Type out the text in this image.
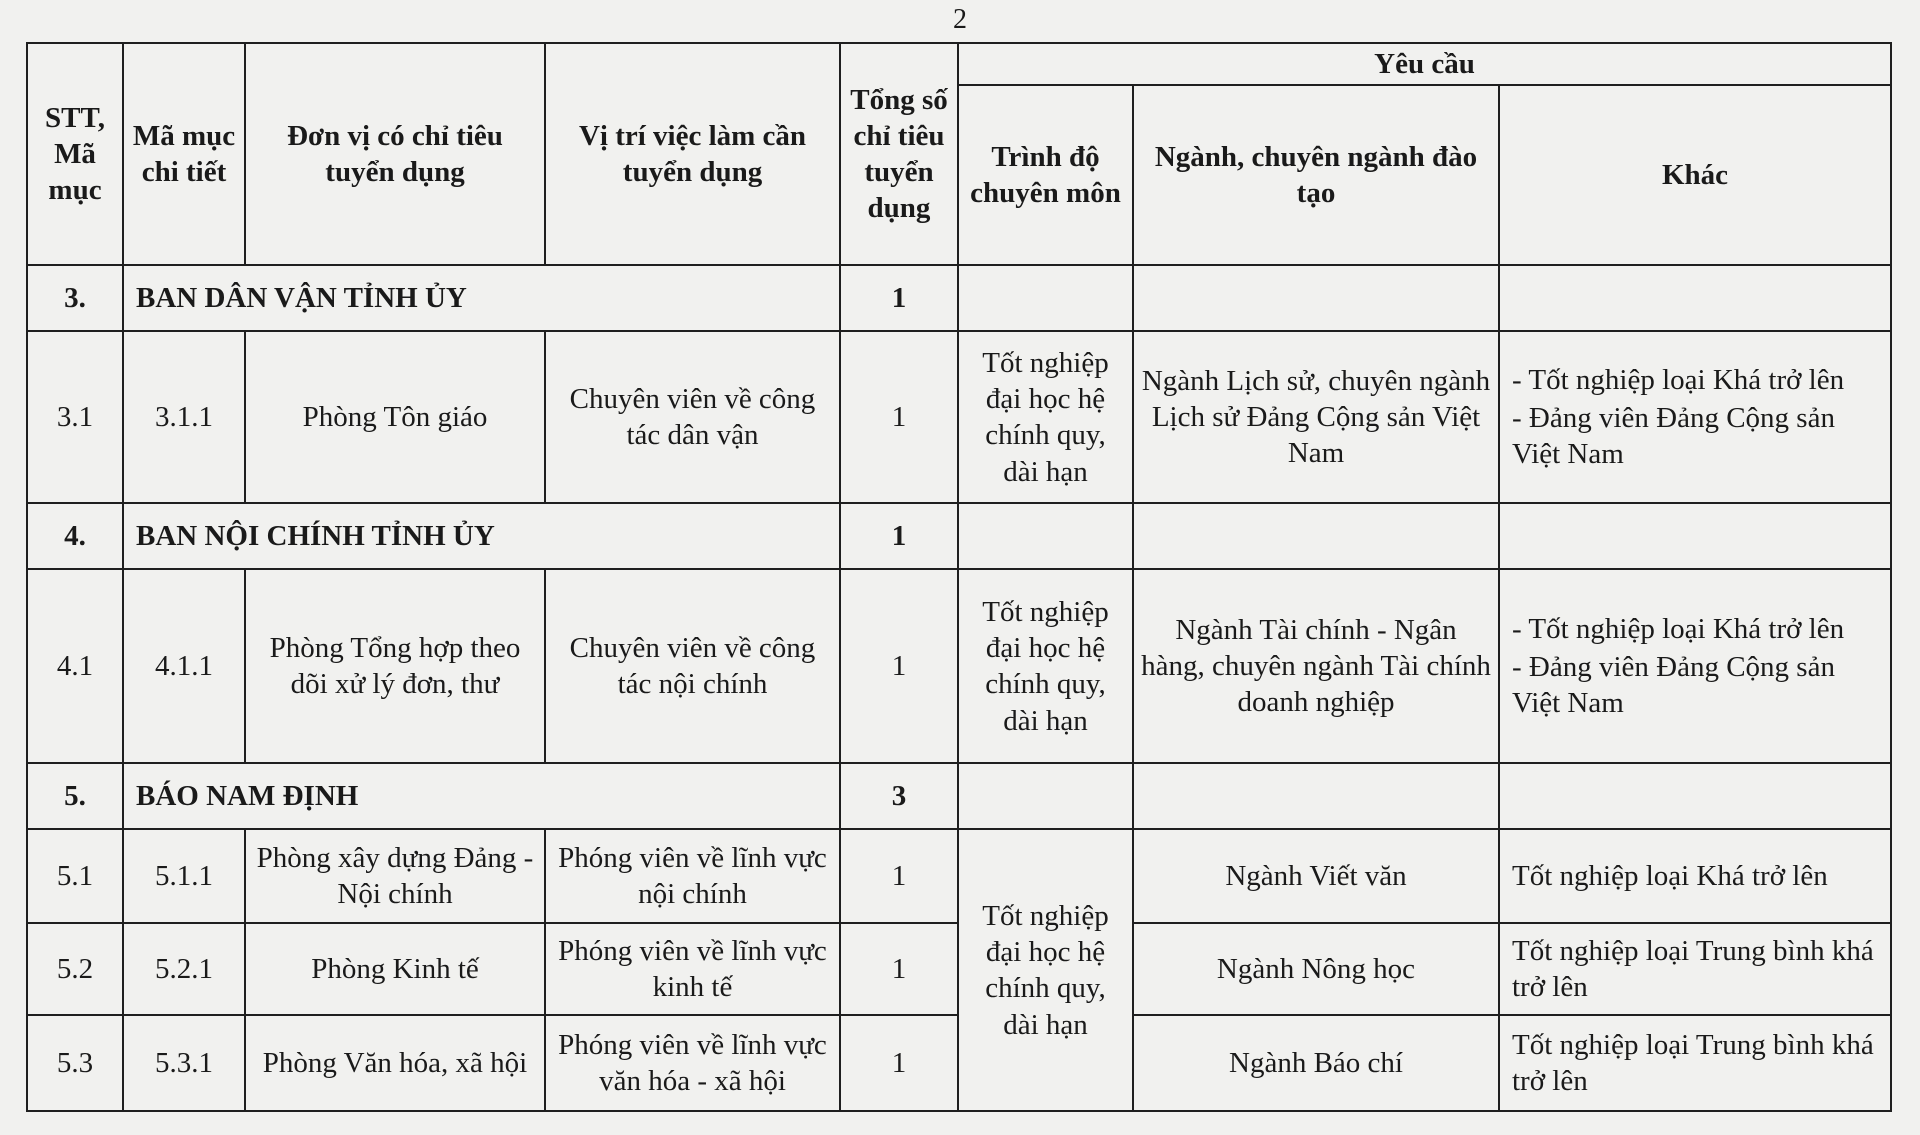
2
STT, Mã mục	Mã mục chi tiết	Đơn vị có chỉ tiêu tuyển dụng	Vị trí việc làm cần tuyển dụng	Tổng số chỉ tiêu tuyển dụng	Yêu cầu		
					Trình độ chuyên môn	Ngành, chuyên ngành đào tạo	Khác
3.	BAN DÂN VẬN TỈNH ỦY			1			
3.1	3.1.1	Phòng Tôn giáo	Chuyên viên về công tác dân vận	1	Tốt nghiệp đại học hệ chính quy, dài hạn	Ngành Lịch sử, chuyên ngành Lịch sử Đảng Cộng sản Việt Nam	- Tốt nghiệp loại Khá trở lên
- Đảng viên Đảng Cộng sản Việt Nam

4.	BAN NỘI CHÍNH TỈNH ỦY			1			
4.1	4.1.1	Phòng Tổng hợp theo dõi xử lý đơn, thư	Chuyên viên về công tác nội chính	1	Tốt nghiệp đại học hệ chính quy, dài hạn	Ngành Tài chính - Ngân hàng, chuyên ngành Tài chính doanh nghiệp	- Tốt nghiệp loại Khá trở lên
- Đảng viên Đảng Cộng sản Việt Nam

5.	BÁO NAM ĐỊNH			3			
5.1	5.1.1	Phòng xây dựng Đảng - Nội chính	Phóng viên về lĩnh vực nội chính	1	Tốt nghiệp đại học hệ chính quy, dài hạn	Ngành Viết văn	Tốt nghiệp loại Khá trở lên

5.2	5.2.1	Phòng Kinh tế	Phóng viên về lĩnh vực kinh tế	1		Ngành Nông học	Tốt nghiệp loại Trung bình khá trở lên

5.3	5.3.1	Phòng Văn hóa, xã hội	Phóng viên về lĩnh vực văn hóa - xã hội	1		Ngành Báo chí	Tốt nghiệp loại Trung bình khá trở lên
